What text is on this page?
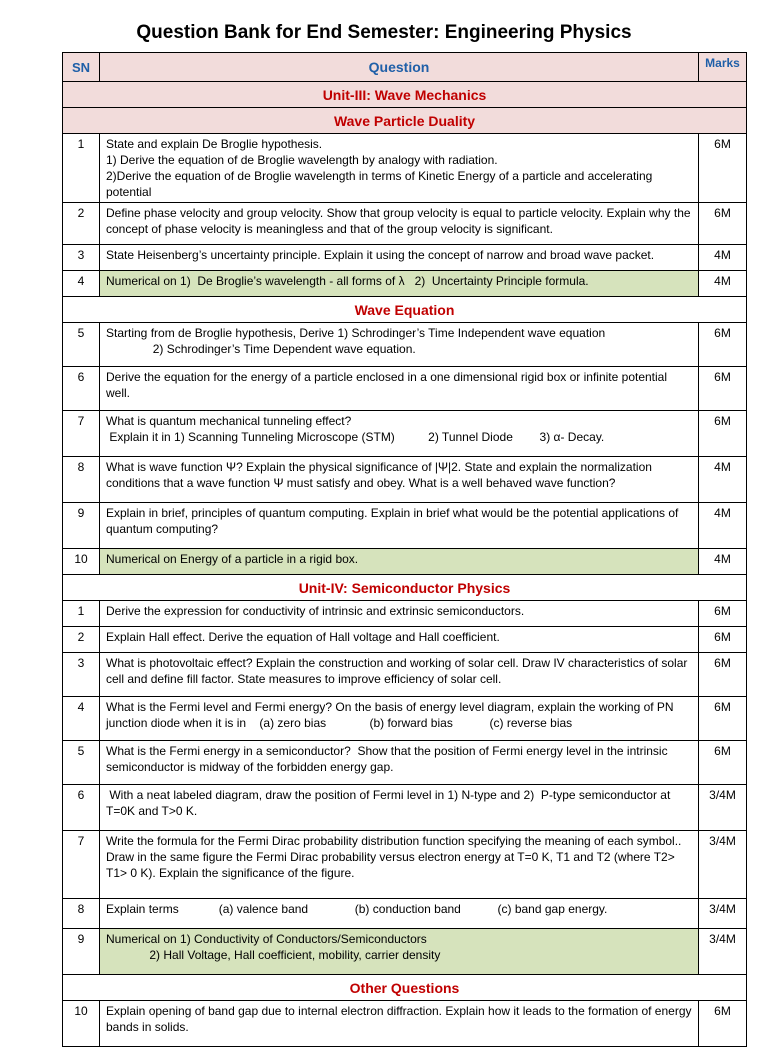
Question Bank for End Semester: Engineering Physics
SN	Question	Marks
Unit-III: Wave Mechanics		
Wave Particle Duality		
1	State and explain De Broglie hypothesis.
1) Derive the equation of de Broglie wavelength by analogy with radiation.
2)Derive the equation of de Broglie wavelength in terms of Kinetic Energy of a particle and accelerating potential	6M
2	Define phase velocity and group velocity. Show that group velocity is equal to particle velocity. Explain why the concept of phase velocity is meaningless and that of the group velocity is significant.	6M
3	State Heisenberg’s uncertainty principle. Explain it using the concept of narrow and broad wave packet.	4M
4	Numerical on 1)  De Broglie’s wavelength - all forms of λ   2)  Uncertainty Principle formula.	4M
Wave Equation		
5	Starting from de Broglie hypothesis, Derive 1) Schrodinger’s Time Independent wave equation
2) Schrodinger’s Time Dependent wave equation.	6M
6	Derive the equation for the energy of a particle enclosed in a one dimensional rigid box or infinite potential well.	6M
7	What is quantum mechanical tunneling effect?
Explain it in 1) Scanning Tunneling Microscope (STM)          2) Tunnel Diode        3) α- Decay.	6M
8	What is wave function Ψ? Explain the physical significance of |Ψ|2. State and explain the normalization conditions that a wave function Ψ must satisfy and obey. What is a well behaved wave function?	4M
9	Explain in brief, principles of quantum computing. Explain in brief what would be the potential applications of quantum computing?	4M
10	Numerical on Energy of a particle in a rigid box.	4M
Unit-IV: Semiconductor Physics		
1	Derive the expression for conductivity of intrinsic and extrinsic semiconductors.	6M
2	Explain Hall effect. Derive the equation of Hall voltage and Hall coefficient.	6M
3	What is photovoltaic effect? Explain the construction and working of solar cell. Draw IV characteristics of solar cell and define fill factor. State measures to improve efficiency of solar cell.	6M
4	What is the Fermi level and Fermi energy? On the basis of energy level diagram, explain the working of PN junction diode when it is in    (a) zero bias             (b) forward bias           (c) reverse bias	6M
5	What is the Fermi energy in a semiconductor?  Show that the position of Fermi energy level in the intrinsic semiconductor is midway of the forbidden energy gap.	6M
6	With a neat labeled diagram, draw the position of Fermi level in 1) N-type and 2)  P-type semiconductor at T=0K and T>0 K.	3/4M
7	Write the formula for the Fermi Dirac probability distribution function specifying the meaning of each symbol.. Draw in the same figure the Fermi Dirac probability versus electron energy at T=0 K, T1 and T2 (where T2> T1> 0 K). Explain the significance of the figure.	3/4M
8	Explain terms            (a) valence band              (b) conduction band           (c) band gap energy.	3/4M
9	Numerical on 1) Conductivity of Conductors/Semiconductors
2) Hall Voltage, Hall coefficient, mobility, carrier density	3/4M
Other Questions		
10	Explain opening of band gap due to internal electron diffraction. Explain how it leads to the formation of energy bands in solids.	6M
